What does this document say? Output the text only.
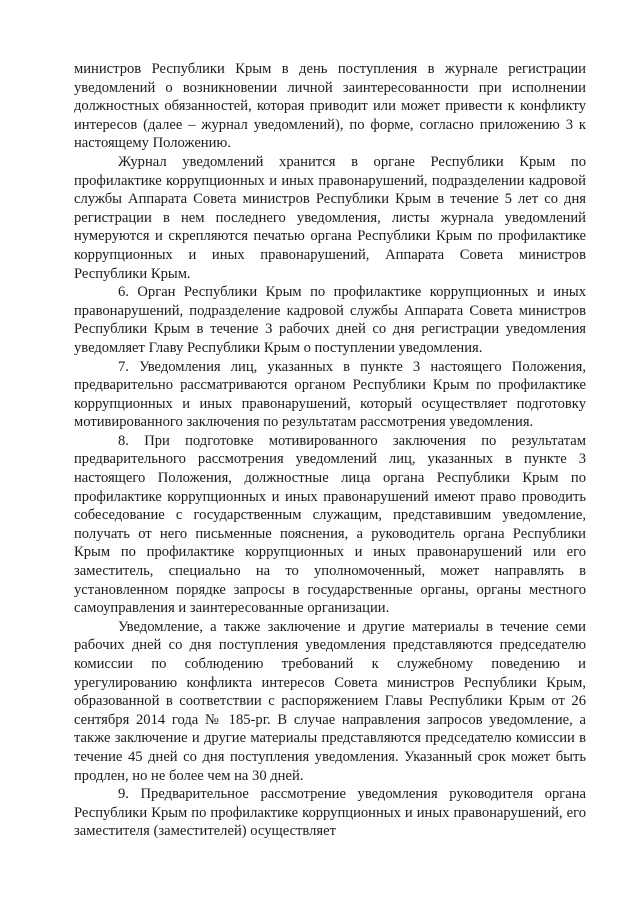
министров Республики Крым в день поступления в журнале регистрации уведомлений о возникновении личной заинтересованности при исполнении должностных обязанностей, которая приводит или может привести к конфликту интересов (далее – журнал уведомлений), по форме, согласно приложению 3 к настоящему Положению.

Журнал уведомлений хранится в органе Республики Крым по профилактике коррупционных и иных правонарушений, подразделении кадровой службы Аппарата Совета министров Республики Крым в течение 5 лет со дня регистрации в нем последнего уведомления, листы журнала уведомлений нумеруются и скрепляются печатью органа Республики Крым по профилактике коррупционных и иных правонарушений, Аппарата Совета министров Республики Крым.

6. Орган Республики Крым по профилактике коррупционных и иных правонарушений, подразделение кадровой службы Аппарата Совета министров Республики Крым в течение 3 рабочих дней со дня регистрации уведомления уведомляет Главу Республики Крым о поступлении уведомления.

7. Уведомления лиц, указанных в пункте 3 настоящего Положения, предварительно рассматриваются органом Республики Крым по профилактике коррупционных и иных правонарушений, который осуществляет подготовку мотивированного заключения по результатам рассмотрения уведомления.

8. При подготовке мотивированного заключения по результатам предварительного рассмотрения уведомлений лиц, указанных в пункте 3 настоящего Положения, должностные лица органа Республики Крым по профилактике коррупционных и иных правонарушений имеют право проводить собеседование с государственным служащим, представившим уведомление, получать от него письменные пояснения, а руководитель органа Республики Крым по профилактике коррупционных и иных правонарушений или его заместитель, специально на то уполномоченный, может направлять в установленном порядке запросы в государственные органы, органы местного самоуправления и заинтересованные организации.

Уведомление, а также заключение и другие материалы в течение семи рабочих дней со дня поступления уведомления представляются председателю комиссии по соблюдению требований к служебному поведению и урегулированию конфликта интересов Совета министров Республики Крым, образованной в соответствии с распоряжением Главы Республики Крым от 26 сентября 2014 года № 185-рг. В случае направления запросов уведомление, а также заключение и другие материалы представляются председателю комиссии в течение 45 дней со дня поступления уведомления. Указанный срок может быть продлен, но не более чем на 30 дней.

9. Предварительное рассмотрение уведомления руководителя органа Республики Крым по профилактике коррупционных и иных правонарушений, его заместителя (заместителей) осуществляет
